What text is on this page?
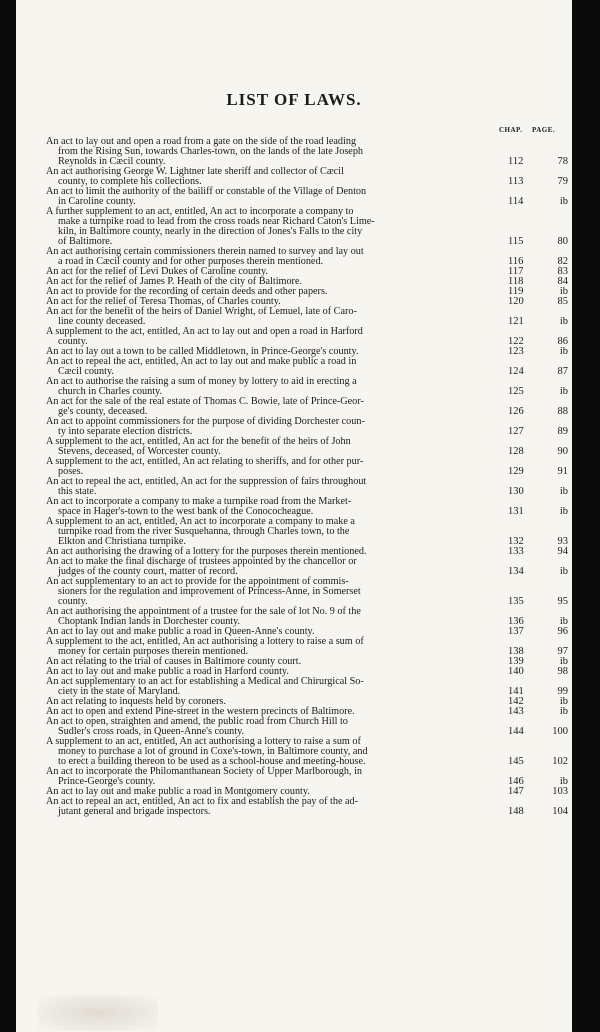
LIST OF LAWS.
CHAP. PAGE.
An act to lay out and open a road from a gate on the side of the road leading
from the Rising Sun, towards Charles-town, on the lands of the late Joseph
Reynolds in Cæcil county.	112	78
An act authorising George W. Lightner late sheriff and collector of Cæcil
county, to complete his collections.	113	79
An act to limit the authority of the bailiff or constable of the Village of Denton
in Caroline county.	114	ib
A further supplement to an act, entitled, An act to incorporate a company to
make a turnpike road to lead from the cross roads near Richard Caton's Lime-
kiln, in Baltimore county, nearly in the direction of Jones's Falls to the city
of Baltimore.	115	80
An act authorising certain commissioners therein named to survey and lay out
a road in Cæcil county and for other purposes therein mentioned.	116	82
An act for the relief of Levi Dukes of Caroline county.	117	83
An act for the relief of James P. Heath of the city of Baltimore.	118	84
An act to provide for the recording of certain deeds and other papers.	119	ib
An act for the relief of Teresa Thomas, of Charles county.	120	85
An act for the benefit of the heirs of Daniel Wright, of Lemuel, late of Caro-
line county deceased.	121	ib
A supplement to the act, entitled, An act to lay out and open a road in Harford
county.	122	86
An act to lay out a town to be called Middletown, in Prince-George's county.	123	ib
An act to repeal the act, entitled, An act to lay out and make public a road in
Cæcil county.	124	87
An act to authorise the raising a sum of money by lottery to aid in erecting a
church in Charles county.	125	ib
An act for the sale of the real estate of Thomas C. Bowie, late of Prince-Geor-
ge's county, deceased.	126	88
An act to appoint commissioners for the purpose of dividing Dorchester coun-
ty into separate election districts.	127	89
A supplement to the act, entitled, An act for the benefit of the heirs of John
Stevens, deceased, of Worcester county.	128	90
A supplement to the act, entitled, An act relating to sheriffs, and for other pur-
poses.	129	91
An act to repeal the act, entitled, An act for the suppression of fairs throughout
this state.	130	ib
An act to incorporate a company to make a turnpike road from the Market-
space in Hager's-town to the west bank of the Conococheague.	131	ib
A supplement to an act, entitled, An act to incorporate a company to make a
turnpike road from the river Susquehanna, through Charles town, to the
Elkton and Christiana turnpike.	132	93
An act authorising the drawing of a lottery for the purposes therein mentioned.	133	94
An act to make the final discharge of trustees appointed by the chancellor or
judges of the county court, matter of record.	134	ib
An act supplementary to an act to provide for the appointment of commis-
sioners for the regulation and improvement of Princess-Anne, in Somerset
county.	135	95
An act authorising the appointment of a trustee for the sale of lot No. 9 of the
Choptank Indian lands in Dorchester county.	136	ib
An act to lay out and make public a road in Queen-Anne's county.	137	96
A supplement to the act, entitled, An act authorising a lottery to raise a sum of
money for certain purposes therein mentioned.	138	97
An act relating to the trial of causes in Baltimore county court.	139	ib
An act to lay out and make public a road in Harford county.	140	98
An act supplementary to an act for establishing a Medical and Chirurgical So-
ciety in the state of Maryland.	141	99
An act relating to inquests held by coroners.	142	ib
An act to open and extend Pine-street in the western precincts of Baltimore.	143	ib
An act to open, straighten and amend, the public road from Church Hill to
Sudler's cross roads, in Queen-Anne's county.	144	100
A supplement to an act, entitled, An act authorising a lottery to raise a sum of
money to purchase a lot of ground in Coxe's-town, in Baltimore county, and
to erect a building thereon to be used as a school-house and meeting-house.	145	102
An act to incorporate the Philomanthanean Society of Upper Marlborough, in
Prince-George's county.	146	ib
An act to lay out and make public a road in Montgomery county.	147	103
An act to repeal an act, entitled, An act to fix and establish the pay of the ad-
jutant general and brigade inspectors.	148	104
